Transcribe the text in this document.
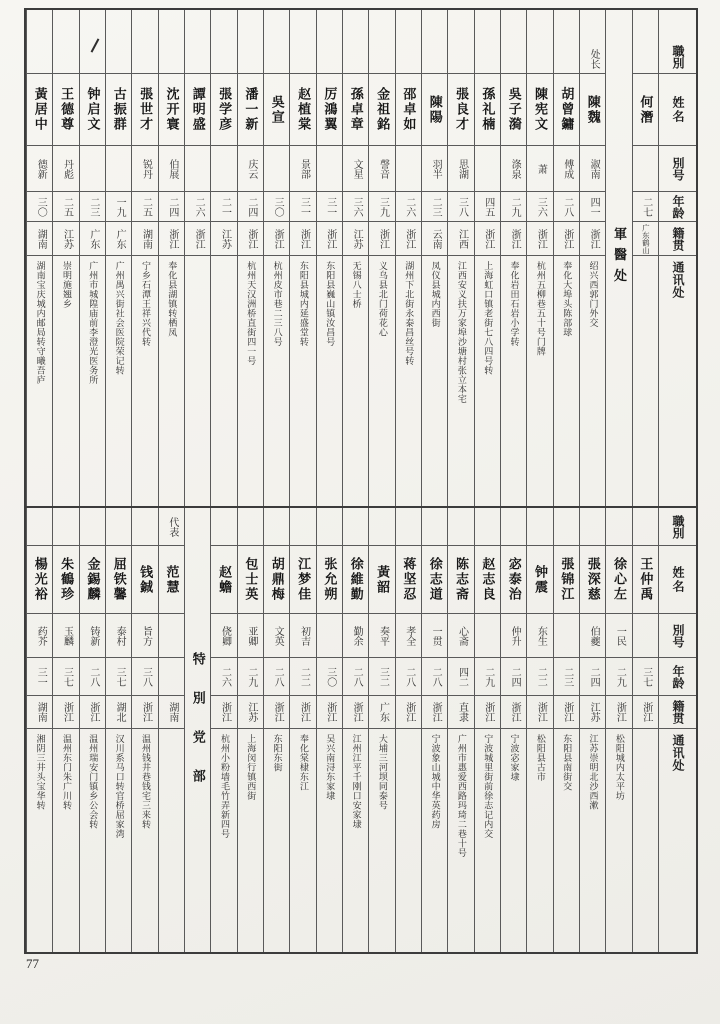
職別
姓名
別号
年龄
籍贯
通讯处
何潛
二七
广东鹤山
軍醫处
处长
陳魏
淑南
四一
浙江
绍兴西郭门外交
胡曾鏞
傅成
二八
浙江
奉化大埠头陈部球
陳宪文
萧
三六
浙江
杭州五柳巷五十号门牌
吳子漪
涤泉
二九
浙江
奉化岩田石岩小学转
孫礼楠
四五
浙江
上海虹口镇老街七八四号转
張良才
思湖
三八
江西
江西安义扶万家埠沙塘村张立本宅
陳陽
羽半
二三
云南
凤仪县城内西街
邵卓如
二六
浙江
湖州下北街永泰昌丝号转
金祖銘
謦音
三九
浙江
义乌县北门荷花心
孫卓章
文星
三六
江苏
无锡八士桥
厉鴻翼
三一
浙江
东阳县巍山镇汝昌号
赵植棠
景部
三一
浙江
东阳县城内延盛堂转
吳宣
三〇
浙江
杭州皮市巷二三八号
潘一新
庆云
二四
浙江
杭州天汉洲桥直街四一号
張学彦
二一
江苏
譚明盛
二六
浙江
沈开寰
伯展
二四
浙江
奉化县湖镇转栖凤
張世才
锐丹
二五
湖南
宁乡石潭王祥兴代转
古振群
一九
广东
广州禺兴街社会医院荣记转
钟启文
二三
广东
广州市城隍庙前李澄光医务所
王德尊
丹彪
二五
江苏
崇明施翘乡
黃居中
德新
三〇
湖南
湖南宝庆城内邮局转守曦吾庐
職別
姓名
別号
年龄
籍贯
通讯处
王仲禹
三七
浙江
徐心左
一民
二九
浙江
松阳城内太平坊
張深慈
伯夔
二四
江苏
江苏崇明北沙西漱
張锦江
二三
浙江
东阳县南街交
钟震
东生
二二
浙江
松阳县古市
宓泰治
仲升
二四
浙江
宁波宓家埭
赵志良
二九
浙江
宁波城里街前徐志记内交
陈志斋
心斋
四二
直隶
广州市惠爱西路玛琦二巷十号
徐志道
一贯
二八
浙江
宁波象山城中华英药房
蒋坚忍
孝全
二八
浙江
黃韶
奏平
三二
广东
大埔三河坝同泰号
徐維勤
勤余
二八
浙江
江州江平千刚口安家埭
张允朔
三〇
浙江
吴兴南浔东家埭
江梦佳
初吉
二二
浙江
奉化棠棣东江
胡鼎梅
文英
二八
浙江
东阳东街
包士英
亚卿
二九
江苏
上海闵行镇西街
赵蟾
侥卿
二六
浙江
杭州小粉墙毛竹弄新四号
特別党部
代表
范慧
湖南
钱鋮
旨方
三八
浙江
温州钱井巷钱宅三来转
屈铁馨
泰村
三七
湖北
汉川系马口转官桥屈家湾
金錫麟
铸新
二八
浙江
温州瑞安门镇乡公会转
朱鶴珍
玉麟
三七
浙江
温州东门朱广川转
楊光裕
药芥
三一
湖南
湘阴三井头宝华转
77
